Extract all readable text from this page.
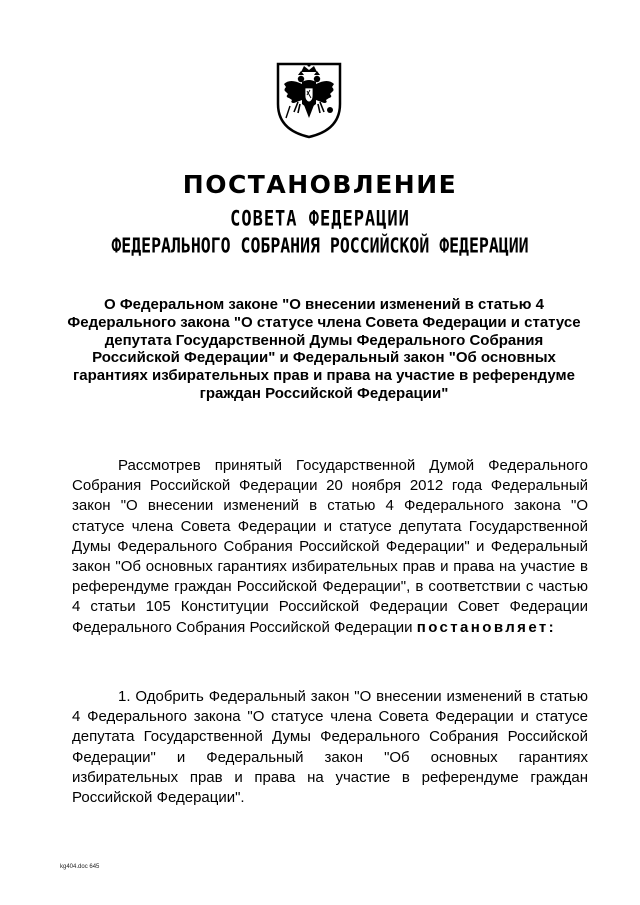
ПОСТАНОВЛЕНИЕ
СОВЕТА ФЕДЕРАЦИИ
ФЕДЕРАЛЬНОГО СОБРАНИЯ РОССИЙСКОЙ ФЕДЕРАЦИИ
О Федеральном законе "О внесении изменений в статью 4 Федерального закона "О статусе члена Совета Федерации и статусе депутата Государственной Думы Федерального Собрания Российской Федерации" и Федеральный закон "Об основных гарантиях избирательных прав и права на участие в референдуме граждан Российской Федерации"
Рассмотрев принятый Государственной Думой Федерального Собрания Российской Федерации 20 ноября 2012 года Федеральный закон "О внесении изменений в статью 4 Федерального закона "О статусе члена Совета Федерации и статусе депутата Государственной Думы Федерального Собрания Российской Федерации" и Федеральный закон "Об основных гарантиях избирательных прав и права на участие в референдуме граждан Российской Федерации", в соответствии с частью 4 статьи 105 Конституции Российской Федерации Совет Федерации Федерального Собрания Российской Федерации постановляет:
1. Одобрить Федеральный закон "О внесении изменений в статью 4 Федерального закона "О статусе члена Совета Федерации и статусе депутата Государственной Думы Федерального Собрания Российской Федерации" и Федеральный закон "Об основных гарантиях избирательных прав и права на участие в референдуме граждан Российской Федерации".
kg404.doc 645
